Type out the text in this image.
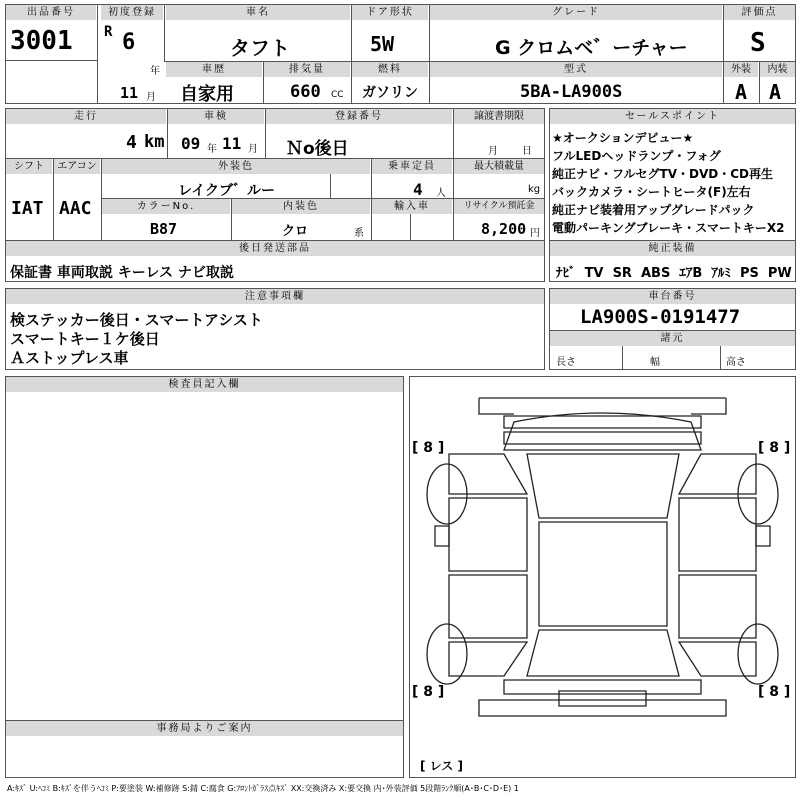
出品番号
3001
初度登録
R 6
年
11 月
車名
タフト
ドア形状
5W
グレード
G クロムベ゛ーチャー
評価点
S
車歴
自家用
排気量
660 CC
燃料
ガソリン
型式
5BA-LA900S
外装	内装
A A
走行
4 km
車検
09 年 11 月
登録番号
Ｎo後日
譲渡書期限
月 日
シフト
IAT
エアコン
AAC
外装色
レイクブ゛ルー
乗車定員
4 人
最大積載量
kg
カラーNo.
B87
内装色
クロ	系
輸入車	リサイクル預託金
8,200 円
後日発送部品
保証書 車両取説 キーレス ナビ取説
セールスポイント
★オークションデビュー★
フルLEDヘッドランプ・フォグ
純正ナビ・フルセグTV・DVD・CD再生
バックカメラ・シートヒータ(F)左右
純正ナビ装着用アップグレードパック
電動パーキングブレーキ・スマートキーX2
純正装備
ﾅﾋﾞ TV SR ABS ｴｱB ｱﾙﾐ PS PW
注意事項欄
検ステッカー後日・スマートアシスト
スマートキー１ケ後日
Ａストップレス車
車台番号
LA900S-0191477
諸元
長さ	幅	高さ
検査員記入欄
事務局よりご案内
[ 8 ]	[ 8 ]
[ 8 ]	[ 8 ]
[ レス ]
A:ｷｽﾞ U:ﾍｺﾐ B:ｷｽﾞを伴うﾍｺﾐ P:要塗装 W:補修跡 S:錆 C:腐食 G:ﾌﾛﾝﾄｶﾞﾗｽ点ｷｽﾞ XX:交換済み X:要交換 内･外装評価 5段階ﾗﾝｸ順(A･B･C･D･E) 1
